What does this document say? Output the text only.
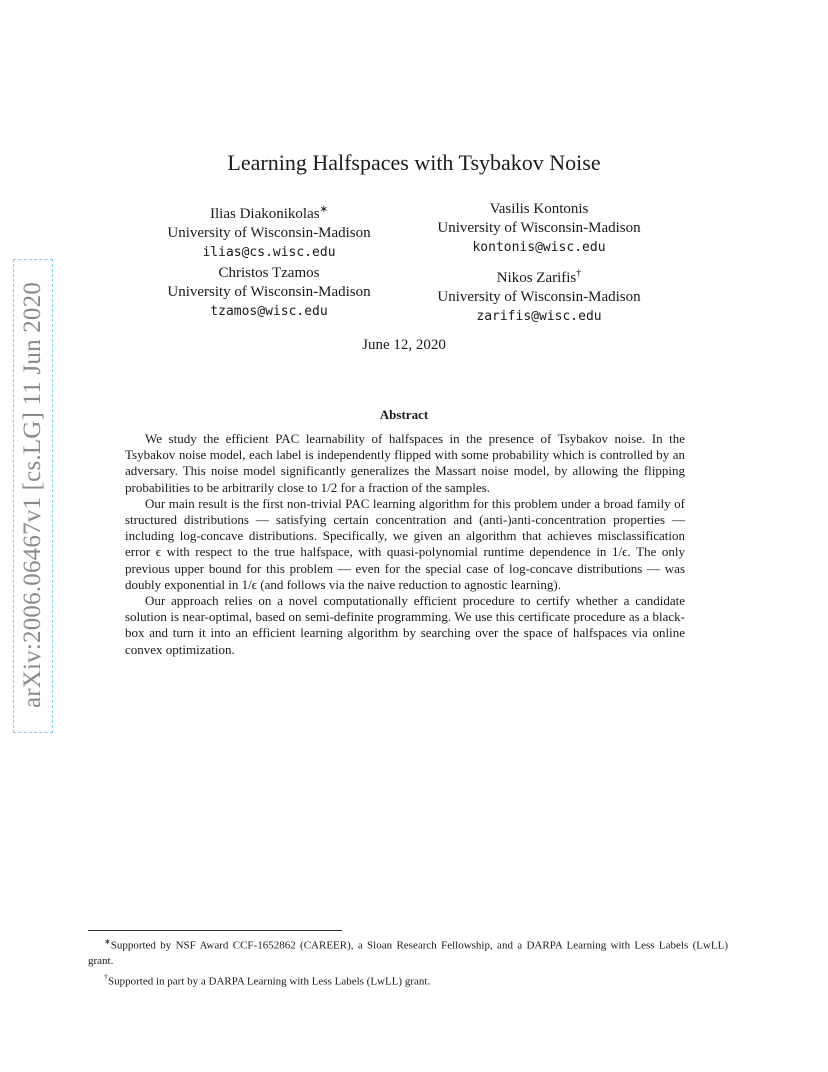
arXiv:2006.06467v1 [cs.LG] 11 Jun 2020
Learning Halfspaces with Tsybakov Noise
Ilias Diakonikolas∗
University of Wisconsin-Madison
ilias@cs.wisc.edu
Vasilis Kontonis
University of Wisconsin-Madison
kontonis@wisc.edu
Christos Tzamos
University of Wisconsin-Madison
tzamos@wisc.edu
Nikos Zarifis†
University of Wisconsin-Madison
zarifis@wisc.edu
June 12, 2020
Abstract

We study the efficient PAC learnability of halfspaces in the presence of Tsybakov noise. In the Tsybakov noise model, each label is independently flipped with some probability which is controlled by an adversary. This noise model significantly generalizes the Massart noise model, by allowing the flipping probabilities to be arbitrarily close to 1/2 for a fraction of the samples.

Our main result is the first non-trivial PAC learning algorithm for this problem under a broad family of structured distributions — satisfying certain concentration and (anti-)anti-concentration properties — including log-concave distributions. Specifically, we given an algorithm that achieves misclassification error ϵ with respect to the true halfspace, with quasi-polynomial runtime dependence in 1/ϵ. The only previous upper bound for this problem — even for the special case of log-concave distributions — was doubly exponential in 1/ϵ (and follows via the naive reduction to agnostic learning).

Our approach relies on a novel computationally efficient procedure to certify whether a candidate solution is near-optimal, based on semi-definite programming. We use this certificate procedure as a black-box and turn it into an efficient learning algorithm by searching over the space of halfspaces via online convex optimization.

∗Supported by NSF Award CCF-1652862 (CAREER), a Sloan Research Fellowship, and a DARPA Learning with Less Labels (LwLL) grant.

†Supported in part by a DARPA Learning with Less Labels (LwLL) grant.
